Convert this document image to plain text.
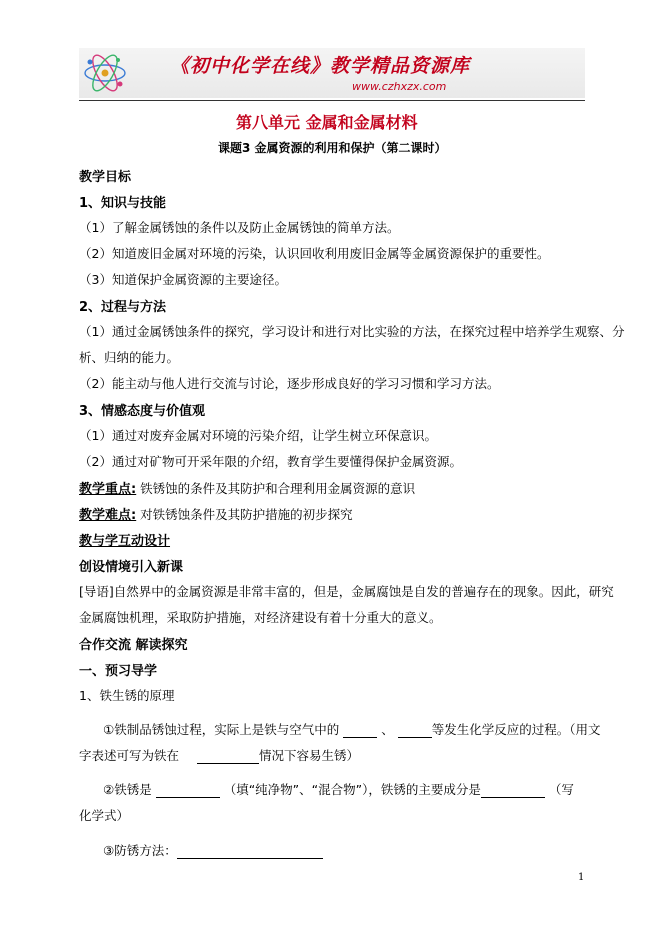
《初中化学在线》教学精品资源库
www.czhxzx.com
第八单元 金属和金属材料
课题3 金属资源的利用和保护（第二课时）
教学目标
1、知识与技能
（1）了解金属锈蚀的条件以及防止金属锈蚀的简单方法。
（2）知道废旧金属对环境的污染，认识回收利用废旧金属等金属资源保护的重要性。
（3）知道保护金属资源的主要途径。
2、过程与方法
（1）通过金属锈蚀条件的探究，学习设计和进行对比实验的方法，在探究过程中培养学生观察、分
析、归纳的能力。
（2）能主动与他人进行交流与讨论，逐步形成良好的学习习惯和学习方法。
3、情感态度与价值观
（1）通过对废弃金属对环境的污染介绍，让学生树立环保意识。
（2）通过对矿物可开采年限的介绍，教育学生要懂得保护金属资源。
教学重点: 铁锈蚀的条件及其防护和合理利用金属资源的意识
教学难点: 对铁锈蚀条件及其防护措施的初步探究
教与学互动设计
创设情境引入新课
[导语]自然界中的金属资源是非常丰富的，但是，金属腐蚀是自发的普遍存在的现象。因此，研究
金属腐蚀机理，采取防护措施，对经济建设有着十分重大的意义。
合作交流 解读探究
一、预习导学
1、铁生锈的原理
①铁制品锈蚀过程，实际上是铁与空气中的	、	等发生化学反应的过程。（用文
字表述可写为铁在	情况下容易生锈）
②铁锈是	（填“纯净物”、“混合物”），铁锈的主要成分是	（写
化学式）
③防锈方法：
1
